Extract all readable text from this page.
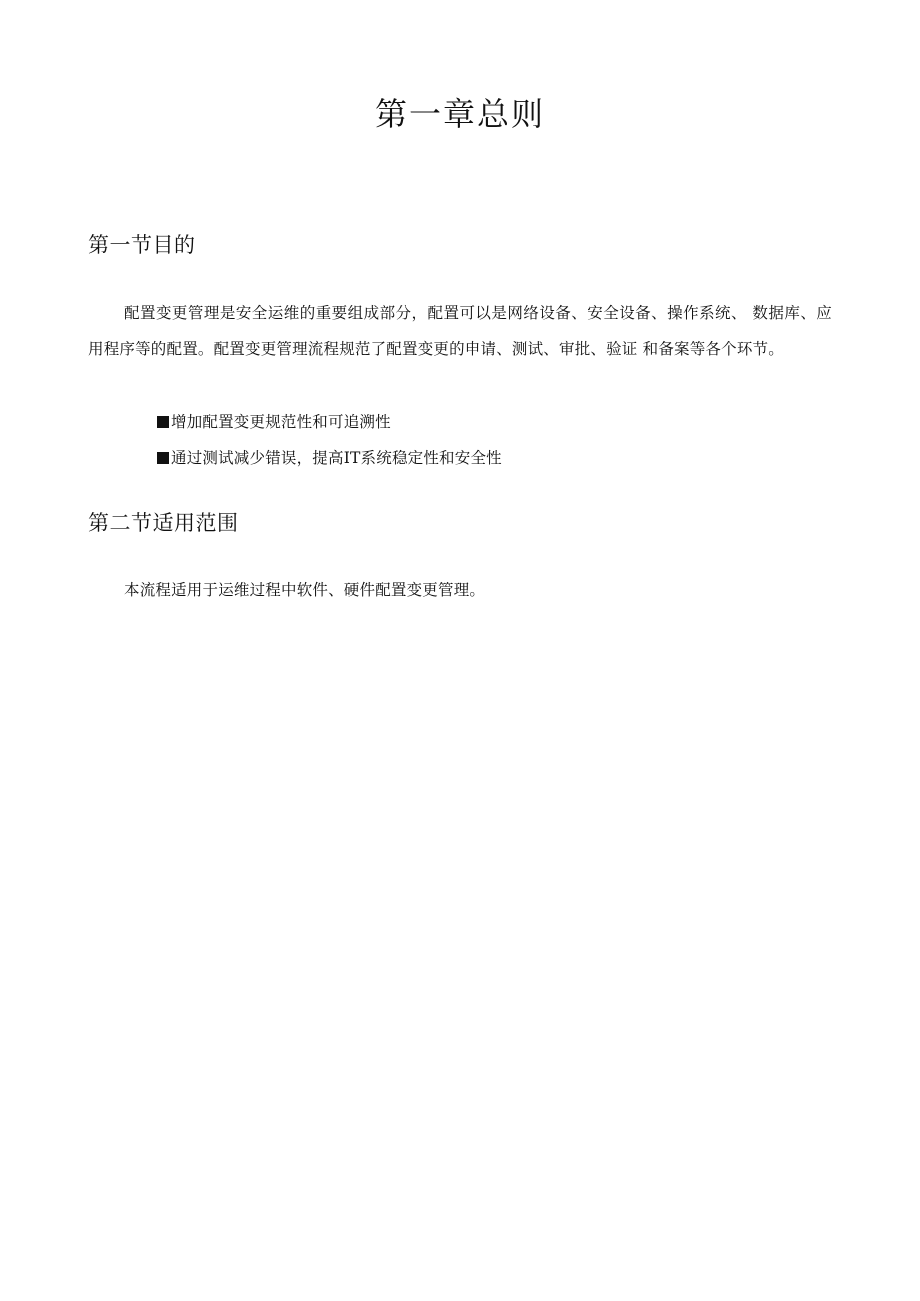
第一章总则
第一节目的

配置变更管理是安全运维的重要组成部分，配置可以是网络设备、安全设备、操作系统、 数据库、应用程序等的配置。配置变更管理流程规范了配置变更的申请、测试、审批、验证 和备案等各个环节。

增加配置变更规范性和可追溯性
通过测试减少错误，提高IT系统稳定性和安全性
第二节适用范围

本流程适用于运维过程中软件、硬件配置变更管理。
